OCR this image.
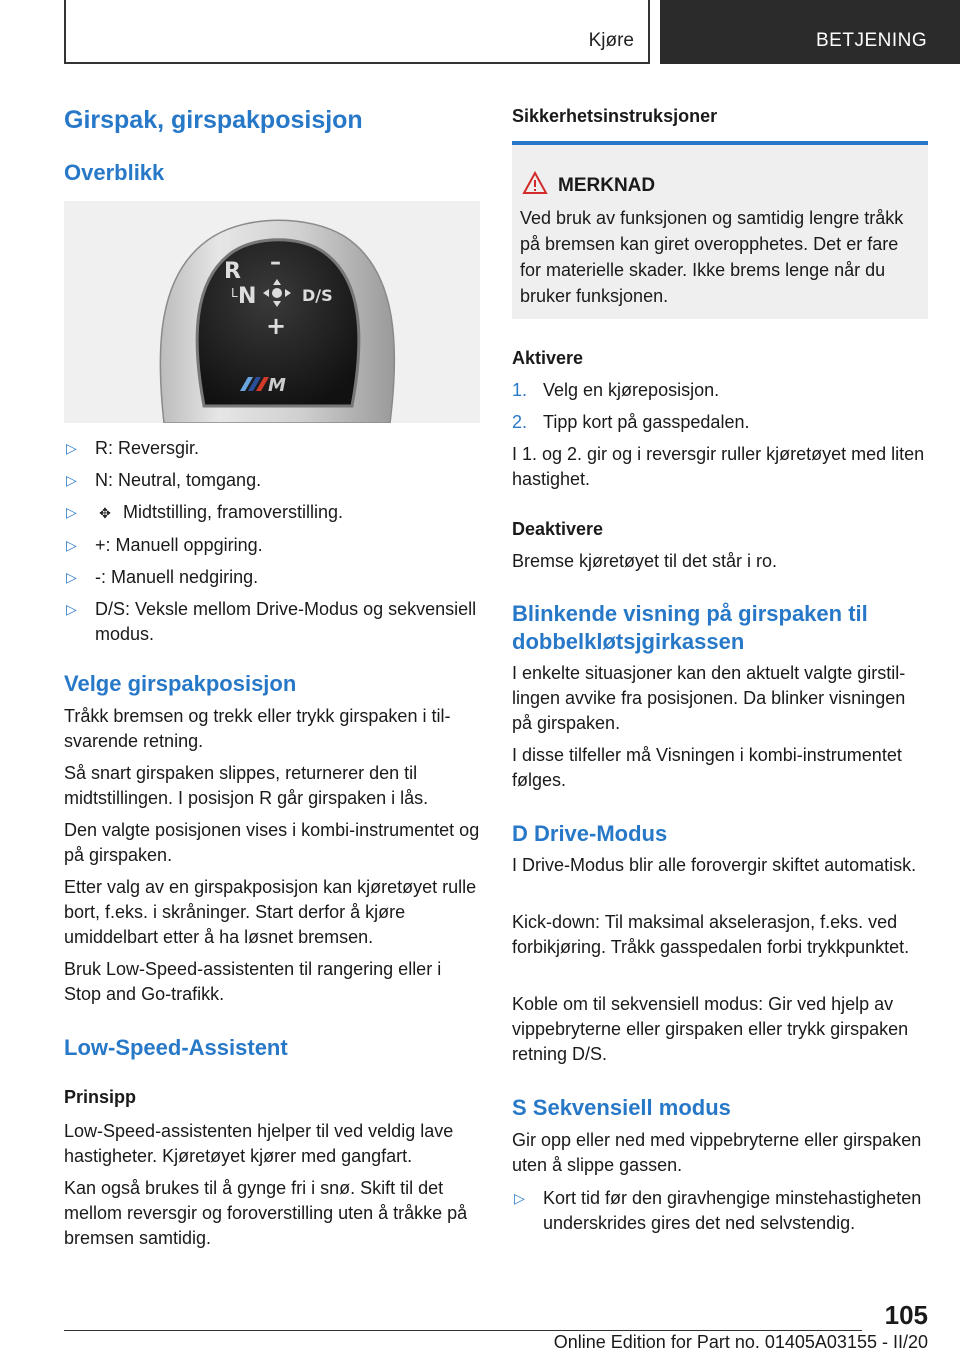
Kjøre	BETJENING
Girspak, girspakposisjon
Overblikk
R –
L N	D/S
+
M
▷ R: Reversgir.
▷ N: Neutral, tomgang.
▷ ✥ Midtstilling, framoverstilling.
▷ +: Manuell oppgiring.
▷ -: Manuell nedgiring.
▷ D/S: Veksle mellom Drive-Modus og sekvensiell modus.
Velge girspakposisjon

Tråkk bremsen og trekk eller trykk girspaken i tilsvarende retning.

Så snart girspaken slippes, returnerer den til midtstillingen. I posisjon R går girspaken i lås.

Den valgte posisjonen vises i kombi-instrumentet og på girspaken.

Etter valg av en girspakposisjon kan kjøretøyet rulle bort, f.eks. i skråninger. Start derfor å kjøre umiddelbart etter å ha løsnet bremsen.

Bruk Low-Speed-assistenten til rangering eller i Stop and Go-trafikk.

Low-Speed-Assistent
Prinsipp

Low-Speed-assistenten hjelper til ved veldig lave hastigheter. Kjøretøyet kjører med gangfart.

Kan også brukes til å gynge fri i snø. Skift til det mellom reversgir og foroverstilling uten å tråkke på bremsen samtidig.

Sikkerhetsinstruksjoner
MERKNAD

Ved bruk av funksjonen og samtidig lengre tråkk på bremsen kan giret overopphetes. Det er fare for materielle skader. Ikke brems lenge når du bruker funksjonen.

Aktivere
1. Velg en kjøreposisjon.
2. Tipp kort på gasspedalen.

I 1. og 2. gir og i reversgir ruller kjøretøyet med liten hastighet.

Deaktivere

Bremse kjøretøyet til det står i ro.

Blinkende visning på girspaken til dobbelkløtsjgirkassen

I enkelte situasjoner kan den aktuelt valgte girstillingen avvike fra posisjonen. Da blinker visningen på girspaken.

I disse tilfeller må Visningen i kombi-instrumentet følges.

D Drive-Modus

I Drive-Modus blir alle forovergir skiftet automatisk.

Kick-down: Til maksimal akselerasjon, f.eks. ved forbikjøring. Tråkk gasspedalen forbi trykkpunktet.

Koble om til sekvensiell modus: Gir ved hjelp av vippebryterne eller girspaken eller trykk girspaken retning D/S.

S Sekvensiell modus

Gir opp eller ned med vippebryterne eller girspaken uten å slippe gassen.

▷ Kort tid før den giravhengige minstehastigheten underskrides gires det ned selvstendig.
105
Online Edition for Part no. 01405A03155 - II/20
